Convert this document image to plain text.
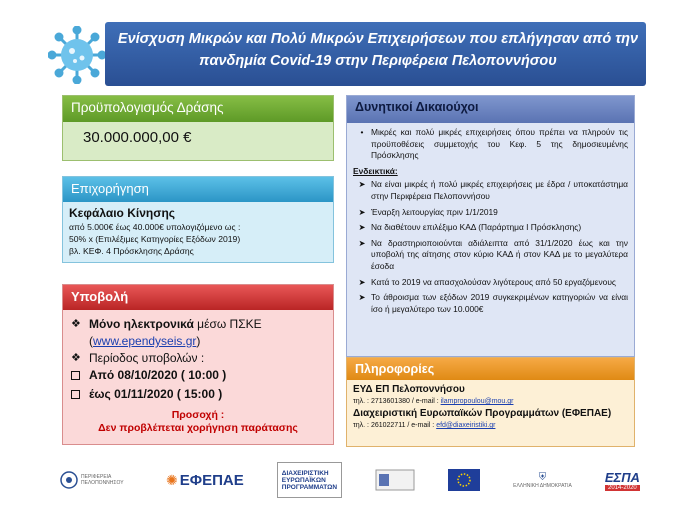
Ενίσχυση Μικρών και Πολύ Μικρών Επιχειρήσεων που επλήγησαν από την
πανδημία Covid-19 στην Περιφέρεια Πελοποννήσου
Προϋπολογισμός Δράσης
30.000.000,00 €
Επιχορήγηση
Κεφάλαιο Κίνησης
από 5.000€ έως 40.000€ υπολογιζόμενο ως :
50% x (Επιλέξιμες Κατηγορίες Εξόδων 2019)
βλ. ΚΕΦ. 4 Πρόσκλησης Δράσης
Υποβολή
❖ Μόνο ηλεκτρονικά μέσω ΠΣΚΕ
(www.ependyseis.gr)
❖ Περίοδος υποβολών :
Από 08/10/2020 ( 10:00 )
έως 01/11/2020 ( 15:00 )
Προσοχή :
Δεν προβλέπεται χορήγηση παράτασης
Δυνητικοί Δικαιούχοι
• Μικρές και πολύ μικρές επιχειρήσεις όπου πρέπει να πληρούν τις προϋποθέσεις συμμετοχής του Κεφ. 5 της δημοσιευμένης Πρόσκλησης
Ενδεικτικά:
➤ Να είναι μικρές ή πολύ μικρές επιχειρήσεις με έδρα / υποκατάστημα στην Περιφέρεια Πελοποννήσου
➤ Έναρξη λειτουργίας πριν 1/1/2019
➤ Να διαθέτουν επιλέξιμο ΚΑΔ (Παράρτημα Ι Πρόσκλησης)
➤ Να δραστηριοποιούνται αδιάλειπτα από 31/1/2020 έως και την υποβολή της αίτησης στον κύριο ΚΑΔ ή στον ΚΑΔ με το μεγαλύτερα έσοδα
➤ Κατά το 2019 να απασχολούσαν λιγότερους από 50 εργαζόμενους
➤ Το άθροισμα των εξόδων 2019 συγκεκριμένων κατηγοριών να είναι ίσο ή μεγαλύτερο των 10.000€
Πληροφορίες
ΕΥΔ ΕΠ Πελοποννήσου
τηλ. : 2713601380 / e-mail : ilampropoulou@mou.gr
Διαχειριστική Ευρωπαϊκών Προγραμμάτων (ΕΦΕΠΑΕ)
τηλ. : 261022711 / e-mail : efd@diaxeiristiki.gr
ΠΕΡΙΦΕΡΕΙΑ ΠΕΛΟΠΟΝΝΗΣΟΥ	✺ ΕΦΕΠΑΕ	ΔΙΑΧΕΙΡΙΣΤΙΚΗ
ΕΥΡΩΠΑΪΚΩΝ
ΠΡΟΓΡΑΜΜΑΤΩΝ
⛨
ΕΛΛΗΝΙΚΗ ΔΗΜΟΚΡΑΤΙΑ
ΕΣΠΑ
2014-2020
